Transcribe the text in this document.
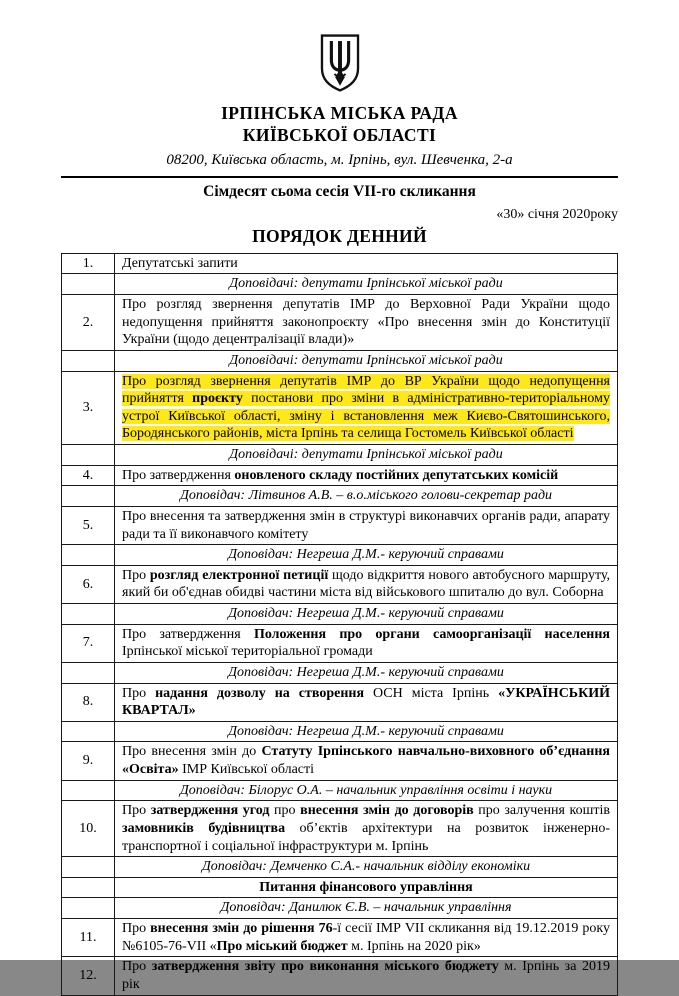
ІРПІНСЬКА МІСЬКА РАДА
КИЇВСЬКОЇ ОБЛАСТІ
08200, Київська область, м. Ірпінь, вул. Шевченка, 2-а
Сімдесят сьома сесія VII-го скликання
«30» січня 2020року
ПОРЯДОК ДЕННИЙ
1.	Депутатські запити
	Доповідачі: депутати Ірпінської міської ради
2.	Про розгляд звернення депутатів ІМР до Верховної Ради України щодо недопущення прийняття законопроєкту «Про внесення змін до Конституції України (щодо децентралізації влади)»
	Доповідачі: депутати Ірпінської міської ради
3.	Про розгляд звернення депутатів ІМР до ВР України щодо недопущення прийняття проєкту постанови про зміни в адміністративно-територіальному устрої Київської області, зміну і встановлення меж Києво-Святошинського, Бородянського районів, міста Ірпінь та селища Гостомель Київської області
	Доповідачі: депутати Ірпінської міської ради
4.	Про затвердження оновленого складу постійних депутатських комісій
	Доповідач: Літвинов А.В. – в.о.міського голови-секретар ради
5.	Про внесення та затвердження змін в структурі виконавчих органів ради, апарату ради та її виконавчого комітету
	Доповідач: Негреша Д.М.- керуючий справами
6.	Про розгляд електронної петиції щодо відкриття нового автобусного маршруту, який би об'єднав обидві частини міста від військового шпиталю до вул. Соборна
	Доповідач: Негреша Д.М.- керуючий справами
7.	Про затвердження Положення про органи самоорганізації населення Ірпінської міської територіальної громади
	Доповідач: Негреша Д.М.- керуючий справами
8.	Про надання дозволу на створення ОСН міста Ірпінь «УКРАЇНСЬКИЙ КВАРТАЛ»
	Доповідач: Негреша Д.М.- керуючий справами
9.	Про внесення змін до Статуту Ірпінського навчально-виховного об’єднання «Освіта» ІМР Київської області
	Доповідач: Білорус О.А. – начальник управління освіти і науки
10.	Про затвердження угод про внесення змін до договорів про залучення коштів замовників будівництва об’єктів архітектури на розвиток інженерно-транспортної і соціальної інфраструктури м. Ірпінь
	Доповідач: Демченко С.А.- начальник відділу економіки
	Питання фінансового управління
	Доповідач: Данилюк Є.В. – начальник управління
11.	Про внесення змін до рішення 76-ї сесії ІМР VII скликання від 19.12.2019 року №6105-76-VII «Про міський бюджет м. Ірпінь на 2020 рік»
12.	Про затвердження звіту про виконання міського бюджету м. Ірпінь за 2019 рік
